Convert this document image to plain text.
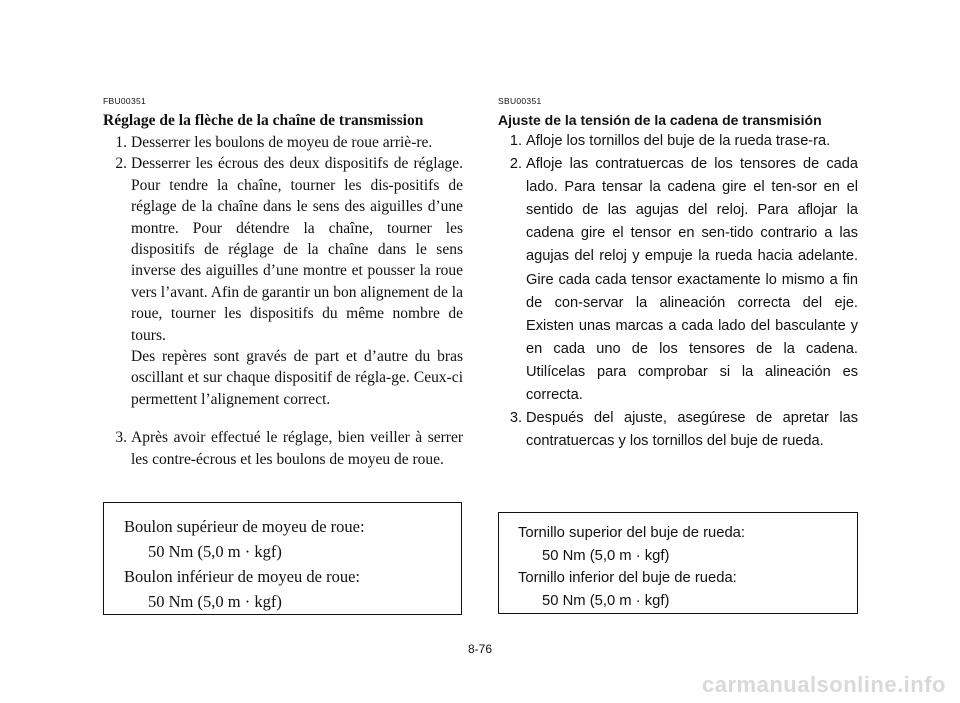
FBU00351
Réglage de la flèche de la chaîne de transmission
1. Desserrer les boulons de moyeu de roue arriè-re.

2. Desserrer les écrous des deux dispositifs de réglage. Pour tendre la chaîne, tourner les dis-positifs de réglage de la chaîne dans le sens des aiguilles d’une montre. Pour détendre la chaîne, tourner les dispositifs de réglage de la chaîne dans le sens inverse des aiguilles d’une montre et pousser la roue vers l’avant. Afin de garantir un bon alignement de la roue, tourner les dispositifs du même nombre de tours.

Des repères sont gravés de part et d’autre du bras oscillant et sur chaque dispositif de régla-ge. Ceux-ci permettent l’alignement correct.

3. Après avoir effectué le réglage, bien veiller à serrer les contre-écrous et les boulons de moyeu de roue.

Boulon supérieur de moyeu de roue:
50 Nm (5,0 m · kgf)
Boulon inférieur de moyeu de roue:
50 Nm (5,0 m · kgf)
SBU00351
Ajuste de la tensión de la cadena de transmisión
1. Afloje los tornillos del buje de la rueda trase-ra.

2. Afloje las contratuercas de los tensores de cada lado. Para tensar la cadena gire el ten-sor en el sentido de las agujas del reloj. Para aflojar la cadena gire el tensor en sen-tido contrario a las agujas del reloj y empuje la rueda hacia adelante. Gire cada cada tensor exactamente lo mismo a fin de con-servar la alineación correcta del eje. Existen unas marcas a cada lado del basculante y en cada uno de los tensores de la cadena. Utilícelas para comprobar si la alineación es correcta.

3. Después del ajuste, asegúrese de apretar las contratuercas y los tornillos del buje de rueda.

Tornillo superior del buje de rueda:
50 Nm (5,0 m · kgf)
Tornillo inferior del buje de rueda:
50 Nm (5,0 m · kgf)
8-76
carmanualsonline.info
